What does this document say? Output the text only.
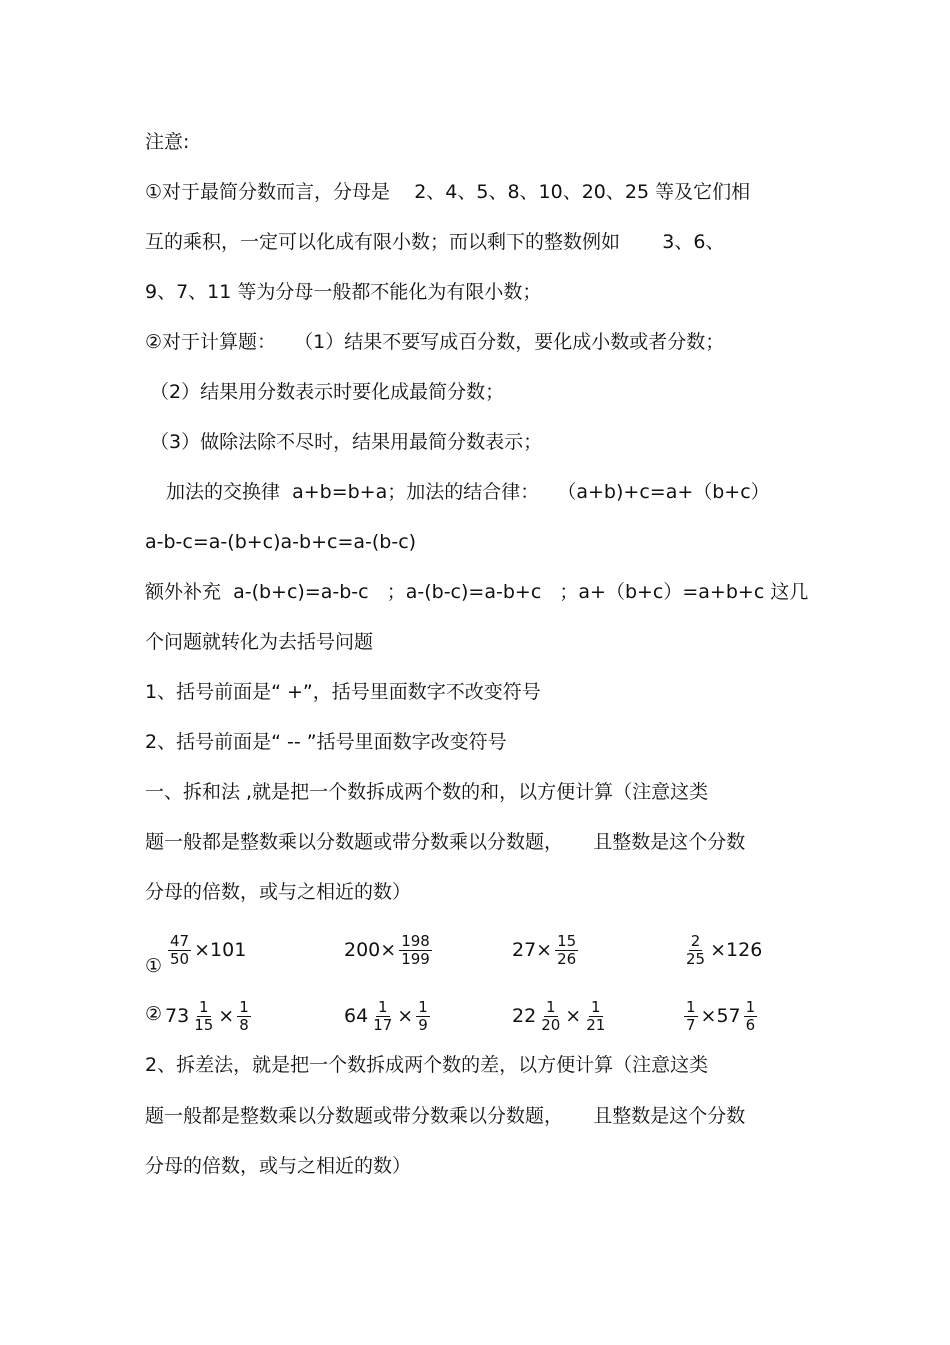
注意:
①对于最简分数而言，分母是    2、4、5、8、10、20、25 等及它们相
互的乘积，一定可以化成有限小数；而以剩下的整数例如       3、6、
9、7、11 等为分母一般都不能化为有限小数；
②对于计算题：   （1）结果不要写成百分数，要化成小数或者分数；
（2）结果用分数表示时要化成最简分数；
（3）做除法除不尽时，结果用最简分数表示；
加法的交换律  a+b=b+a；加法的结合律：   （a+b)+c=a+（b+c）
a-b-c=a-(b+c)a-b+c=a-(b-c)
额外补充  a-(b+c)=a-b-c   ；a-(b-c)=a-b+c   ；a+（b+c）=a+b+c 这几
个问题就转化为去括号问题
1、括号前面是“ +”，括号里面数字不改变符号
2、括号前面是“ -- ”括号里面数字改变符号
一、拆和法 ,就是把一个数拆成两个数的和，以方便计算（注意这类
题一般都是整数乘以分数题或带分数乘以分数题，     且整数是这个分数
分母的倍数，或与之相近的数）
① $\frac{47}{50} \times 101$	$200\times \frac{198}{199}$	$27\times \frac{15}{26}$	$\frac{2}{25} \times 126$
② $73 \frac{1}{15} \times \frac{1}{8}$	$64 \frac{1}{17} \times \frac{1}{9}$	$22 \frac{1}{20} \times \frac{1}{21}$	$\frac{1}{7} \times 57 \frac{1}{6}$
2、拆差法，就是把一个数拆成两个数的差，以方便计算（注意这类
题一般都是整数乘以分数题或带分数乘以分数题，     且整数是这个分数
分母的倍数，或与之相近的数）
